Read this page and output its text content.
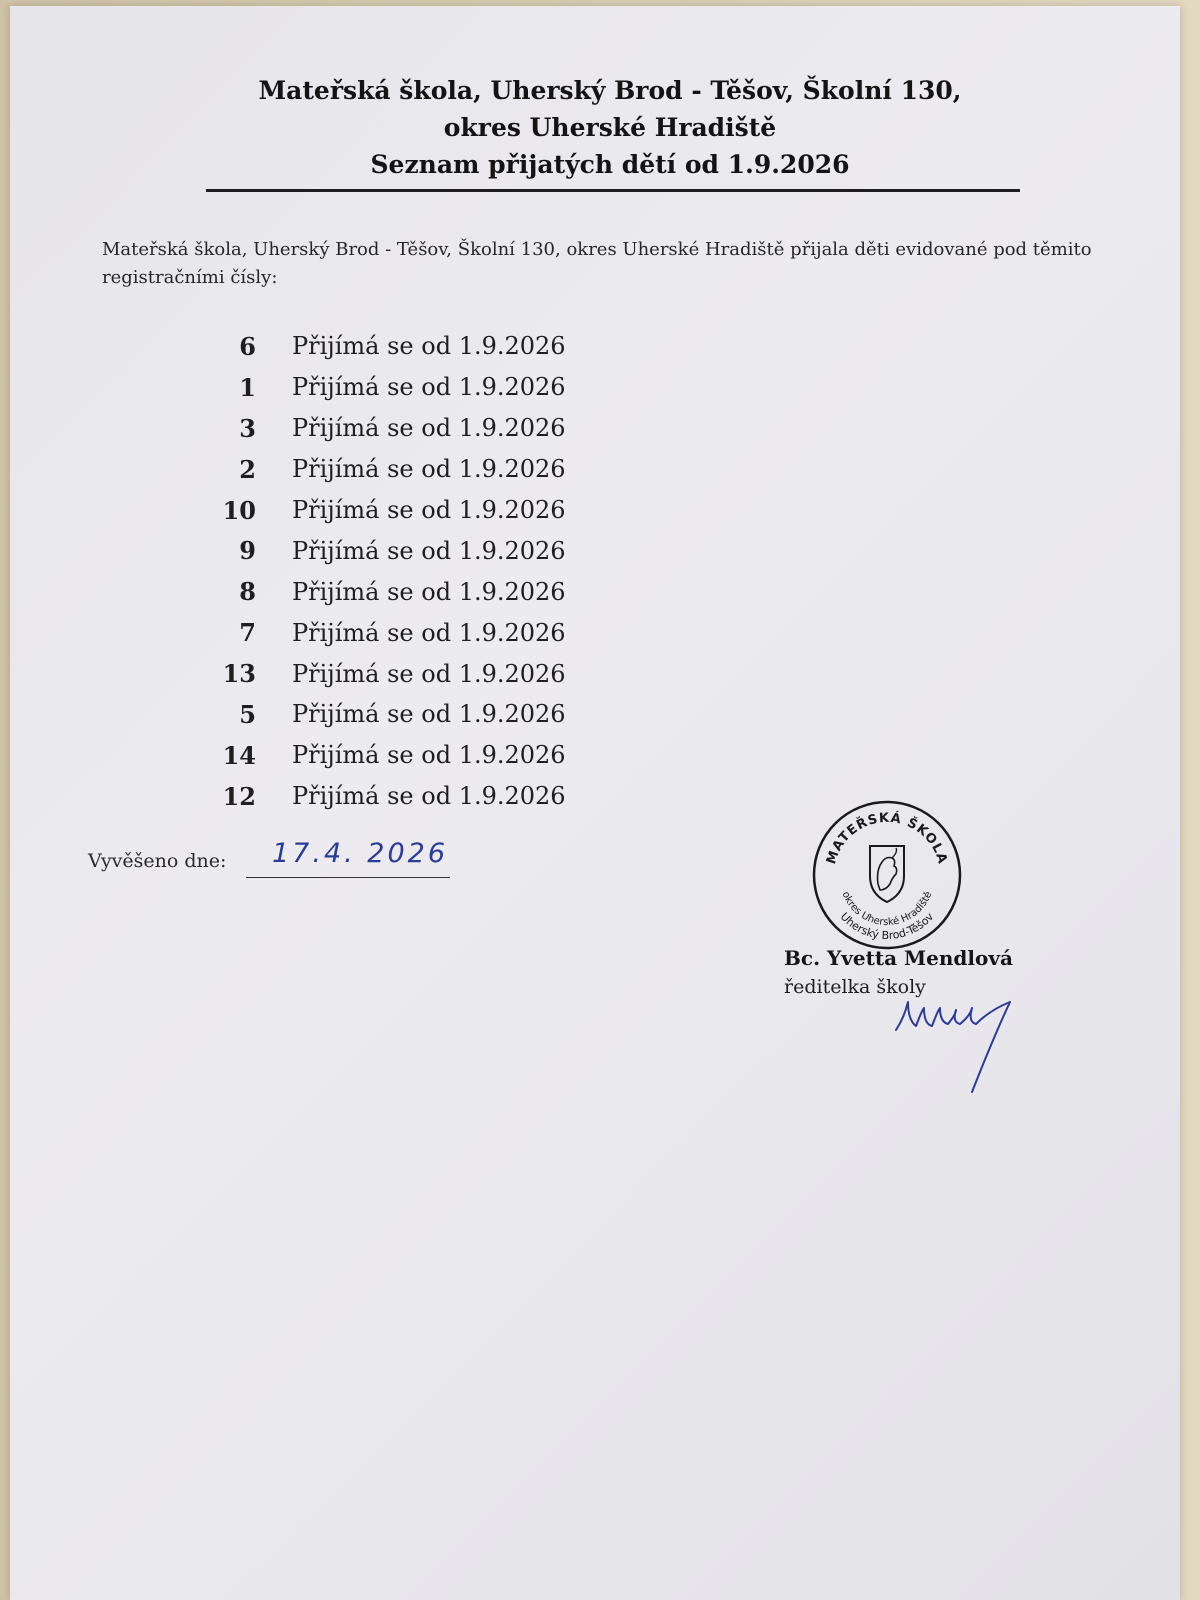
Mateřská škola, Uherský Brod - Těšov, Školní 130,
okres Uherské Hradiště
Seznam přijatých dětí od 1.9.2026
Mateřská škola, Uherský Brod - Těšov, Školní 130, okres Uherské Hradiště přijala děti evidované pod těmito registračními čísly:
6	Přijímá se od 1.9.2026
1	Přijímá se od 1.9.2026
3	Přijímá se od 1.9.2026
2	Přijímá se od 1.9.2026
10	Přijímá se od 1.9.2026
9	Přijímá se od 1.9.2026
8	Přijímá se od 1.9.2026
7	Přijímá se od 1.9.2026
13	Přijímá se od 1.9.2026
5	Přijímá se od 1.9.2026
14	Přijímá se od 1.9.2026
12	Přijímá se od 1.9.2026
Vyvěšeno dne: 17.4. 2026	MATEŘSKÁ ŠKOLA
okres Uherské Hradiště
Uherský Brod-Těšov
Bc. Yvetta Mendlová
ředitelka školy
